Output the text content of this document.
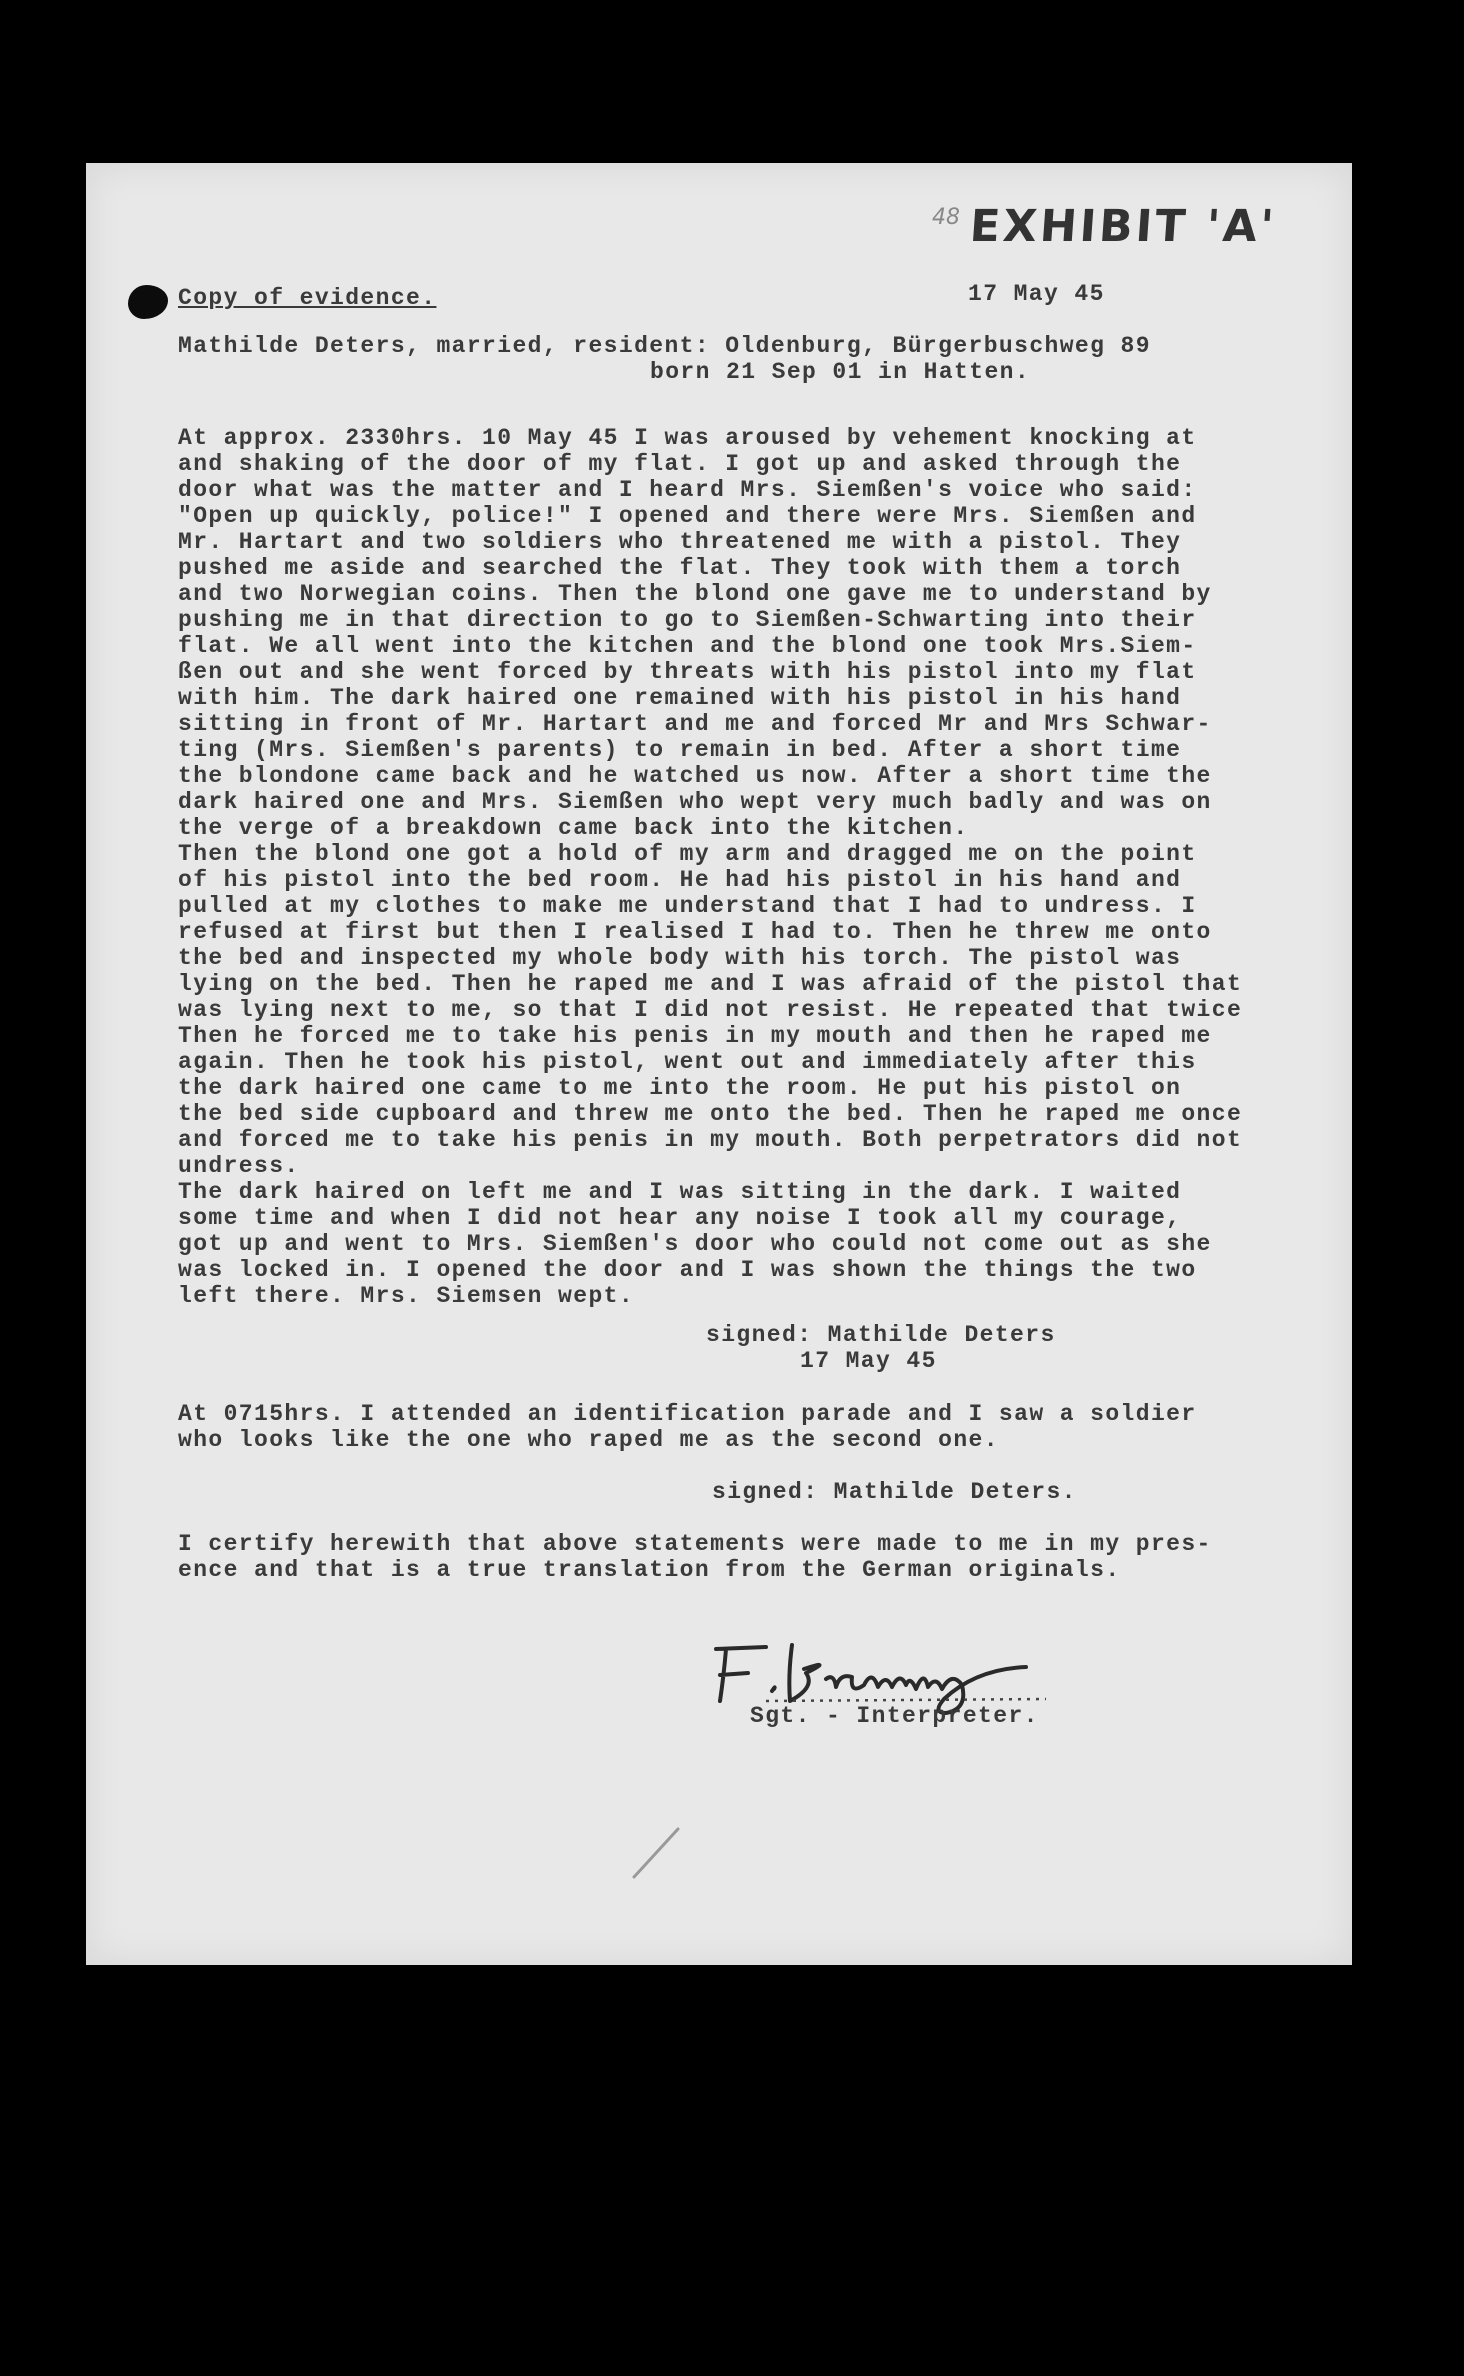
48 EXHIBIT 'A'
Copy of evidence.	17 May 45
Mathilde Deters, married, resident: Oldenburg, Bürgerbuschweg 89
born 21 Sep 01 in Hatten.
At approx. 2330hrs. 10 May 45 I was aroused by vehement knocking at
and shaking of the door of my flat. I got up and asked through the
door what was the matter and I heard Mrs. Siemßen's voice who said:
"Open up quickly, police!" I opened and there were Mrs. Siemßen and
Mr. Hartart and two soldiers who threatened me with a pistol. They
pushed me aside and searched the flat. They took with them a torch
and two Norwegian coins. Then the blond one gave me to understand by
pushing me in that direction to go to Siemßen-Schwarting into their
flat. We all went into the kitchen and the blond one took Mrs.Siem-
ßen out and she went forced by threats with his pistol into my flat
with him. The dark haired one remained with his pistol in his hand
sitting in front of Mr. Hartart and me and forced Mr and Mrs Schwar-
ting (Mrs. Siemßen's parents) to remain in bed. After a short time
the blondone came back and he watched us now. After a short time the
dark haired one and Mrs. Siemßen who wept very much badly and was on
the verge of a breakdown came back into the kitchen.
Then the blond one got a hold of my arm and dragged me on the point
of his pistol into the bed room. He had his pistol in his hand and
pulled at my clothes to make me understand that I had to undress. I
refused at first but then I realised I had to. Then he threw me onto
the bed and inspected my whole body with his torch. The pistol was
lying on the bed. Then he raped me and I was afraid of the pistol that
was lying next to me, so that I did not resist. He repeated that twice
Then he forced me to take his penis in my mouth and then he raped me
again. Then he took his pistol, went out and immediately after this
the dark haired one came to me into the room. He put his pistol on
the bed side cupboard and threw me onto the bed. Then he raped me once
and forced me to take his penis in my mouth. Both perpetrators did not
undress.
The dark haired on left me and I was sitting in the dark. I waited
some time and when I did not hear any noise I took all my courage,
got up and went to Mrs. Siemßen's door who could not come out as she
was locked in. I opened the door and I was shown the things the two
left there. Mrs. Siemsen wept.
signed: Mathilde Deters
17 May 45
At 0715hrs. I attended an identification parade and I saw a soldier
who looks like the one who raped me as the second one.
signed: Mathilde Deters.
I certify herewith that above statements were made to me in my pres-
ence and that is a true translation from the German originals.
Sgt. - Interpreter.
